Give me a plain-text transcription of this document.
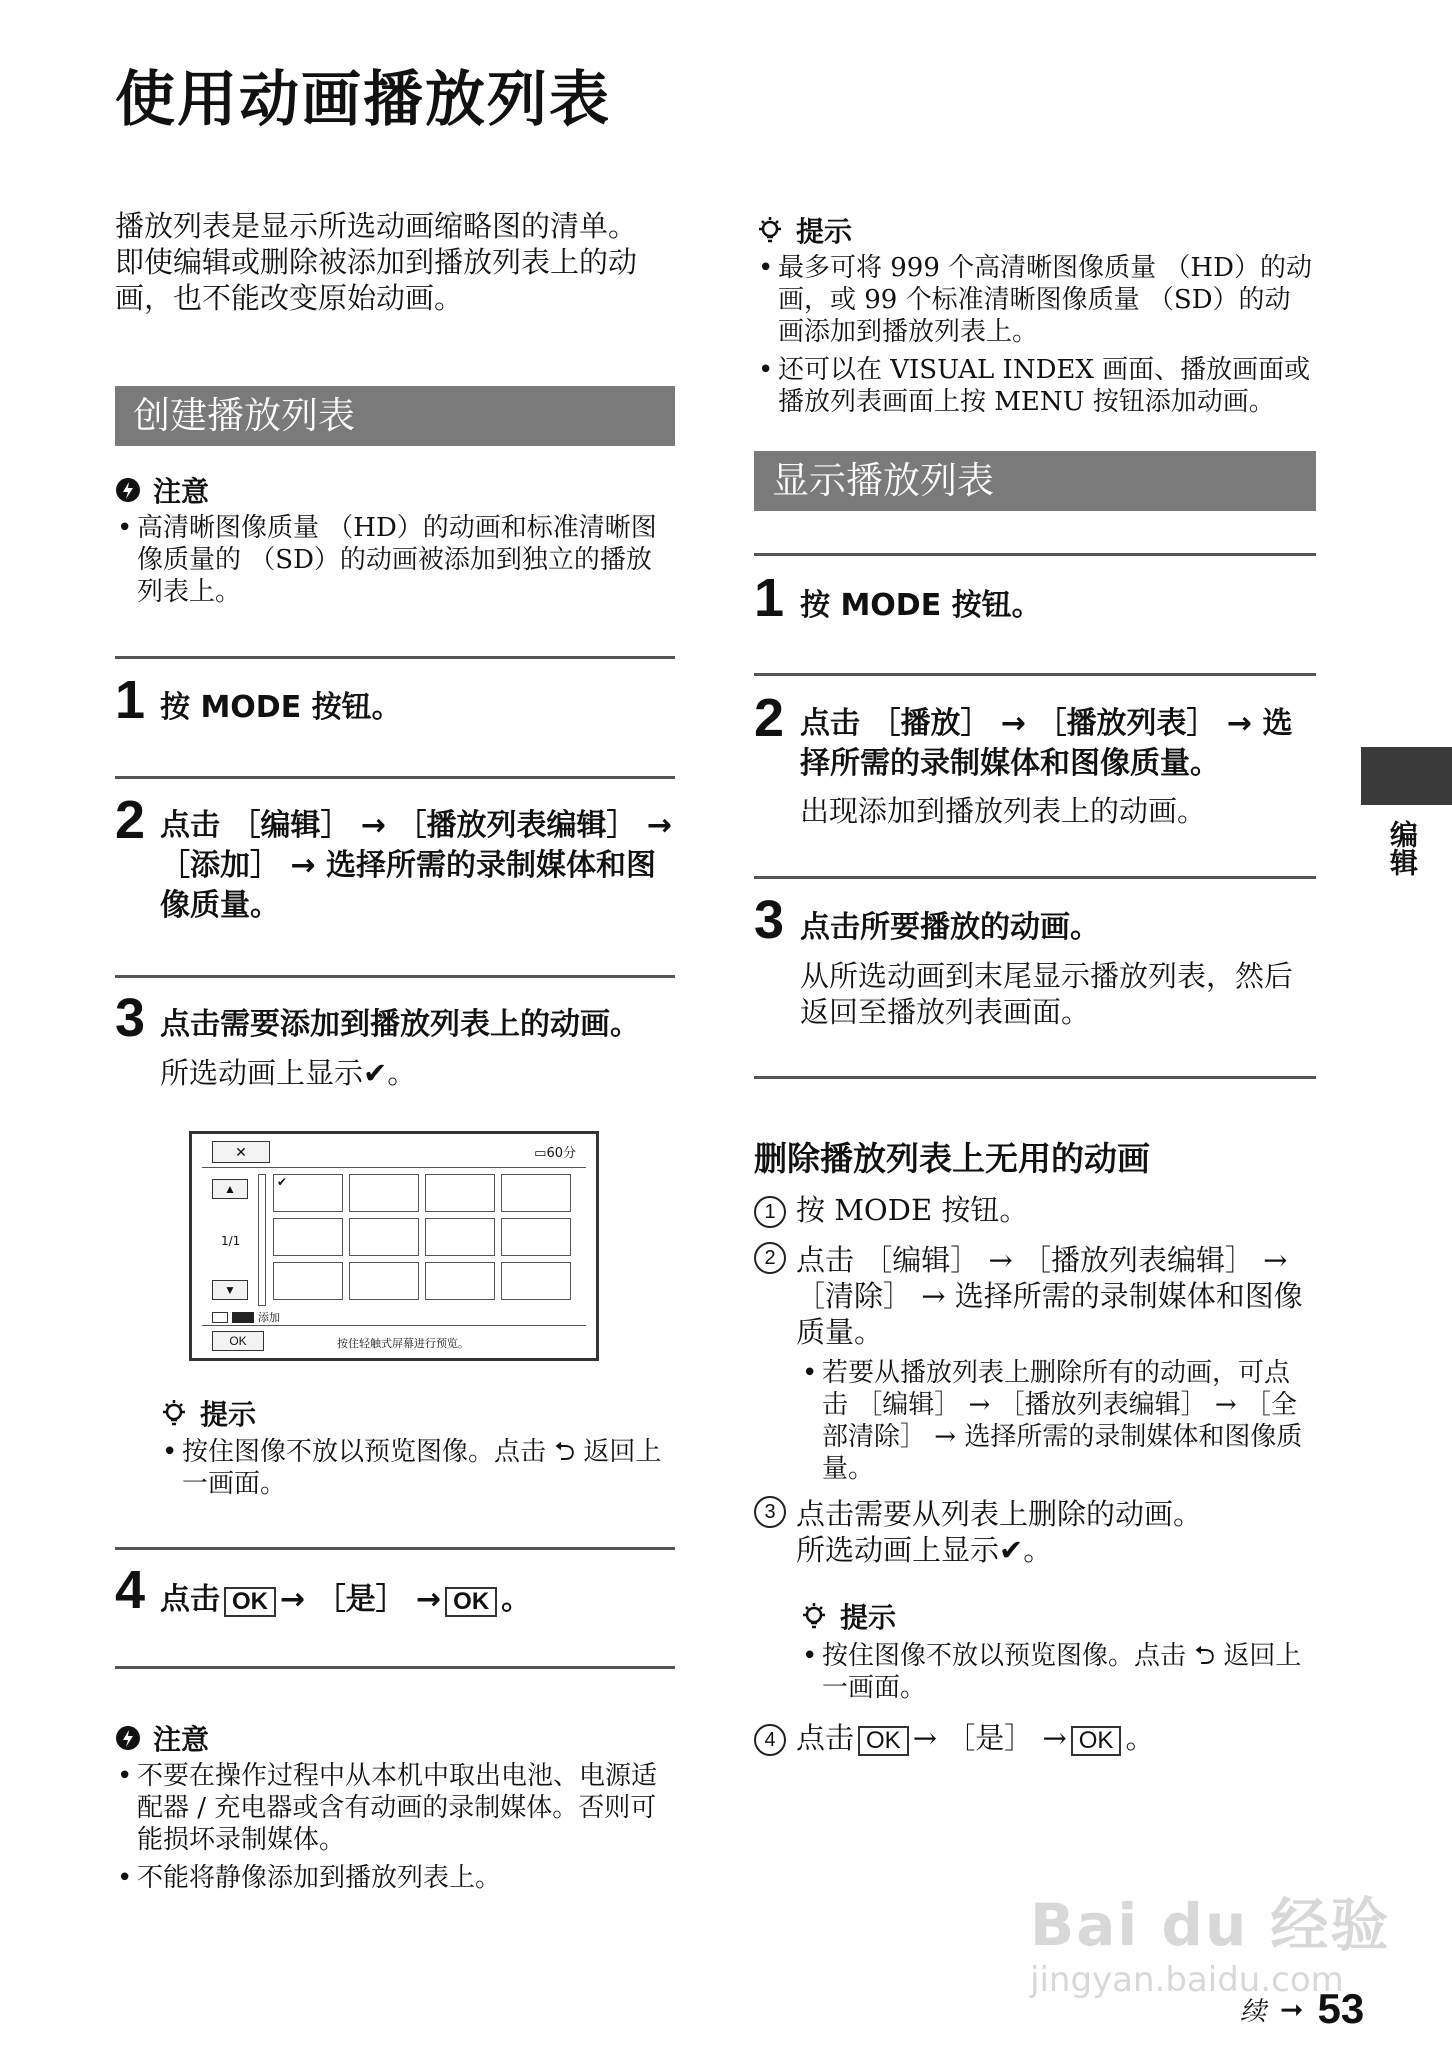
使用动画播放列表
播放列表是显示所选动画缩略图的清单。
即使编辑或删除被添加到播放列表上的动画，也不能改变原始动画。
创建播放列表
注意
• 高清晰图像质量 （HD）的动画和标准清晰图像质量的 （SD）的动画被添加到独立的播放列表上。
1 按 MODE 按钮。
2 点击 ［编辑］ → ［播放列表编辑］ → ［添加］ → 选择所需的录制媒体和图像质量。
3 点击需要添加到播放列表上的动画。
所选动画上显示✔。
✕	▭60分
▲
1/1
▼
✔
添加
OK	按住轻触式屏幕进行预览。
提示
• 按住图像不放以预览图像。点击 ⮌ 返回上一画面。
4 点击 OK → ［是］ → OK 。
注意
• 不要在操作过程中从本机中取出电池、电源适配器 / 充电器或含有动画的录制媒体。否则可能损坏录制媒体。
• 不能将静像添加到播放列表上。
提示
• 最多可将 999 个高清晰图像质量 （HD）的动画，或 99 个标准清晰图像质量 （SD）的动画添加到播放列表上。
• 还可以在 VISUAL INDEX 画面、播放画面或播放列表画面上按 MENU 按钮添加动画。
显示播放列表
1 按 MODE 按钮。
2 点击 ［播放］ → ［播放列表］ → 选择所需的录制媒体和图像质量。
出现添加到播放列表上的动画。
3 点击所要播放的动画。
从所选动画到末尾显示播放列表，然后返回至播放列表画面。
删除播放列表上无用的动画
1 按 MODE 按钮。
2 点击 ［编辑］ → ［播放列表编辑］ → ［清除］ → 选择所需的录制媒体和图像质量。
• 若要从播放列表上删除所有的动画，可点击 ［编辑］ → ［播放列表编辑］ → ［全部清除］ → 选择所需的录制媒体和图像质量。
3 点击需要从列表上删除的动画。
所选动画上显示✔。
提示
• 按住图像不放以预览图像。点击 ⮌ 返回上一画面。
4 点击 OK → ［是］ → OK 。
编辑
Bai du 经验
jingyan.baidu.com
续 ➞ 53
